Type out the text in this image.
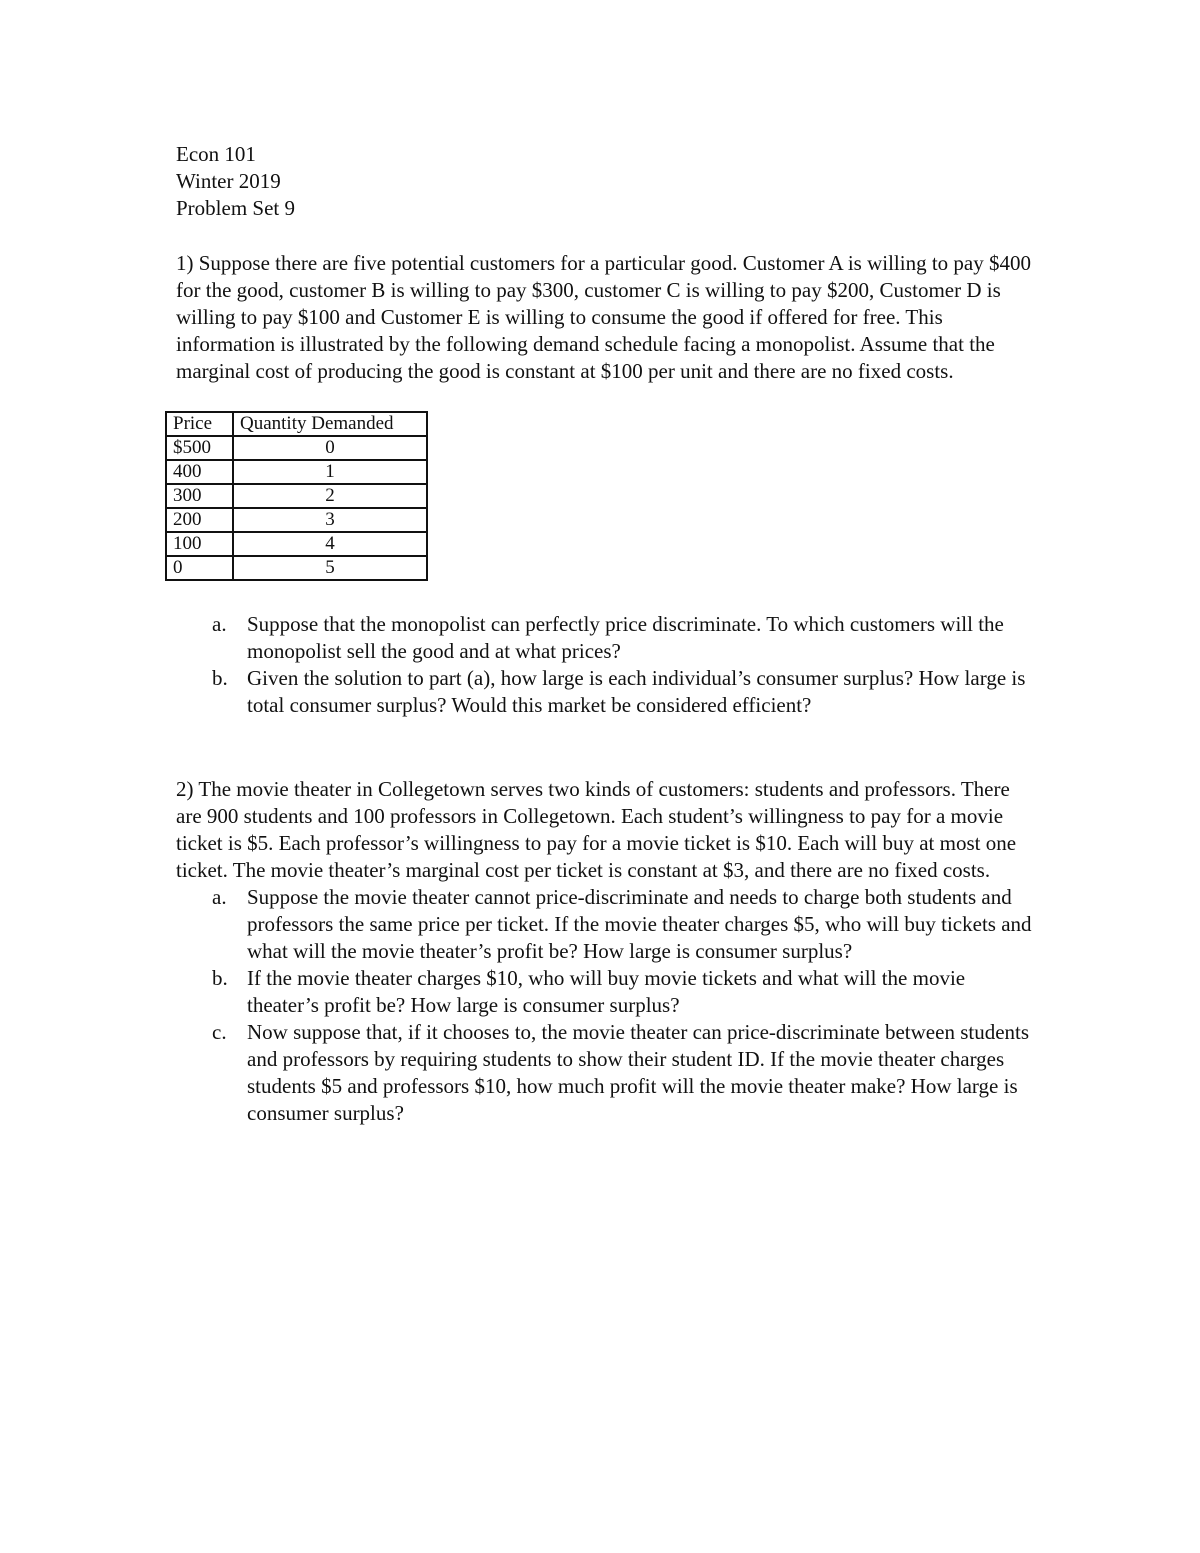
Econ 101
Winter 2019
Problem Set 9

1) Suppose there are five potential customers for a particular good. Customer A is willing to pay $400 for the good, customer B is willing to pay $300, customer C is willing to pay $200, Customer D is willing to pay $100 and Customer E is willing to consume the good if offered for free. This information is illustrated by the following demand schedule facing a monopolist. Assume that the marginal cost of producing the good is constant at $100 per unit and there are no fixed costs.

Price	Quantity Demanded
$500	0
400	1
300	2
200	3
100	4
0	5
a. Suppose that the monopolist can perfectly price discriminate. To which customers will the monopolist sell the good and at what prices?
b. Given the solution to part (a), how large is each individual’s consumer surplus? How large is total consumer surplus? Would this market be considered efficient?

2) The movie theater in Collegetown serves two kinds of customers: students and professors. There are 900 students and 100 professors in Collegetown. Each student’s willingness to pay for a movie ticket is $5. Each professor’s willingness to pay for a movie ticket is $10. Each will buy at most one ticket. The movie theater’s marginal cost per ticket is constant at $3, and there are no fixed costs.

a. Suppose the movie theater cannot price-discriminate and needs to charge both students and professors the same price per ticket. If the movie theater charges $5, who will buy tickets and what will the movie theater’s profit be? How large is consumer surplus?
b. If the movie theater charges $10, who will buy movie tickets and what will the movie theater’s profit be? How large is consumer surplus?
c. Now suppose that, if it chooses to, the movie theater can price-discriminate between students and professors by requiring students to show their student ID. If the movie theater charges students $5 and professors $10, how much profit will the movie theater make? How large is consumer surplus?
